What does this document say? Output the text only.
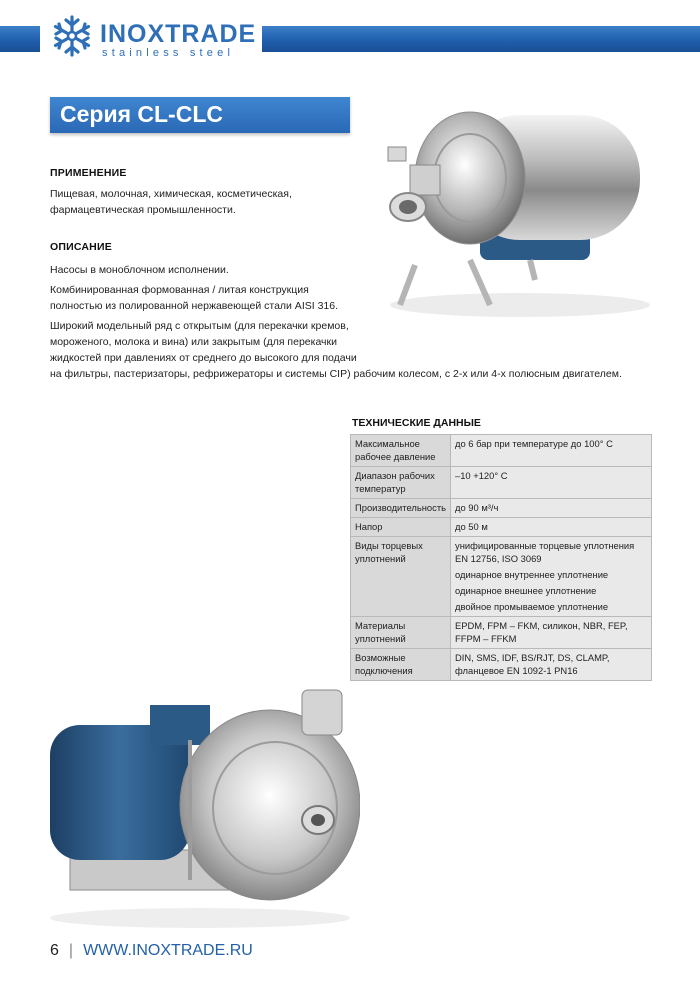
INOXTRADE
stainless steel
Серия CL-CLC
ПРИМЕНЕНИЕ
Пищевая, молочная, химическая, косметическая,
фармацевтическая промышленности.
ОПИСАНИЕ
Насосы в моноблочном исполнении.
Комбинированная формованная / литая конструкция
полностью из полированной нержавеющей стали AISI 316.
Широкий модельный ряд с открытым (для перекачки кремов,
мороженого, молока и вина) или закрытым (для перекачки
жидкостей при давлениях от среднего до высокого для подачи
на фильтры, пастеризаторы, рефрижераторы и системы CIP) рабочим колесом, с 2-х или 4-х полюсным двигателем.
ТЕХНИЧЕСКИЕ ДАННЫЕ
Максимальное рабочее давление	до 6 бар при температуре до 100° С
Диапазон рабочих температур	–10 +120° С
Производительность	до 90 м³/ч
Напор	до 50 м
Виды торцевых уплотнений	унифицированные торцевые уплотнения EN 12756, ISO 3069
одинарное внутреннее уплотнение
одинарное внешнее уплотнение
двойное промываемое уплотнение

Материалы уплотнений	EPDM, FPM – FKM, силикон, NBR, FEP, FFPM – FFKM
Возможные подключения	DIN, SMS, IDF, BS/RJT, DS, CLAMP, фланцевое EN 1092-1 PN16
6 | WWW.INOXTRADE.RU
